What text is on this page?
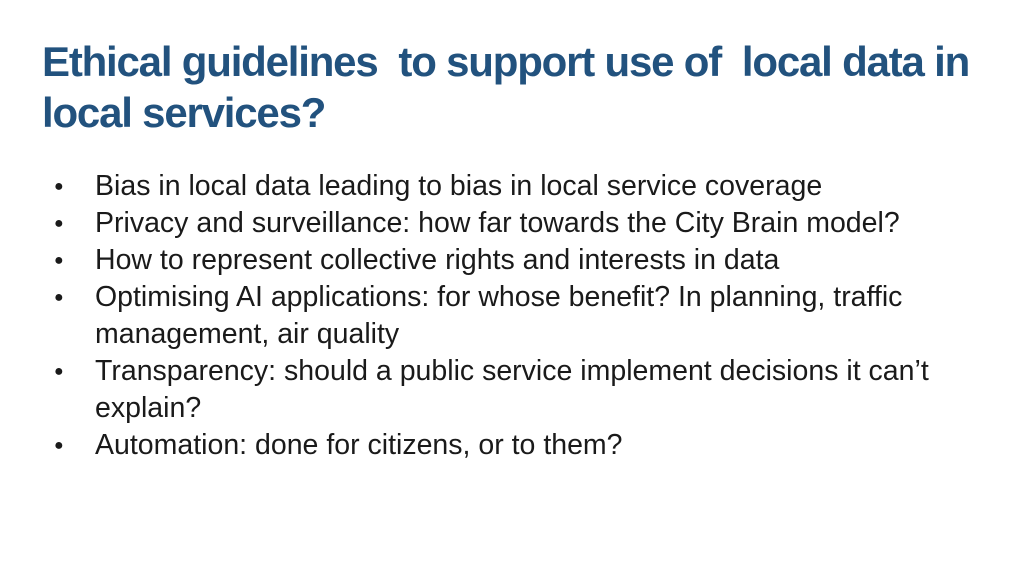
Ethical guidelines  to support use of  local data in local services?
● Bias in local data leading to bias in local service coverage
● Privacy and surveillance: how far towards the City Brain model?
● How to represent collective rights and interests in data
● Optimising AI applications: for whose benefit? In planning, traffic management, air quality
● Transparency: should a public service implement decisions it can’t explain?
● Automation: done for citizens, or to them?
